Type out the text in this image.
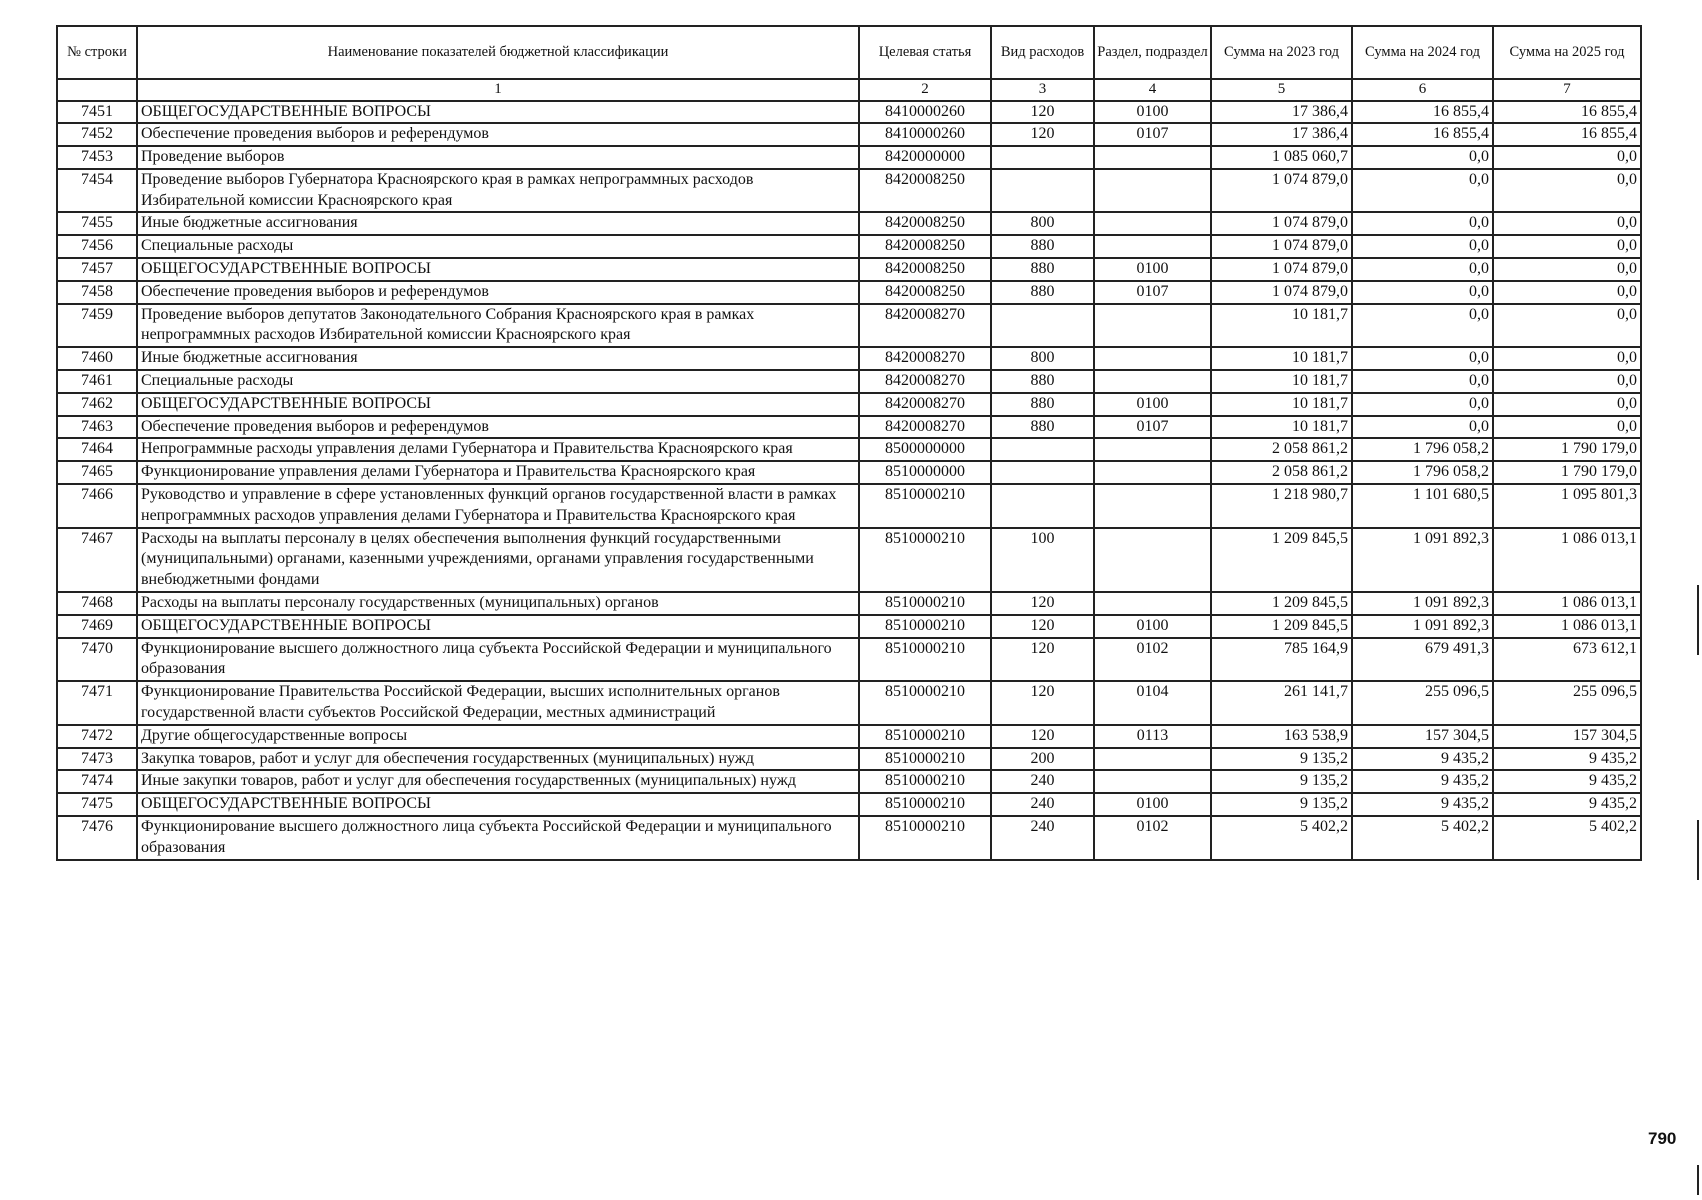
№ строки	Наименование показателей бюджетной классификации	Целевая статья	Вид расходов	Раздел, подраздел	Сумма на 2023 год	Сумма на 2024 год	Сумма на 2025 год
	1	2	3	4	5	6	7
7451	ОБЩЕГОСУДАРСТВЕННЫЕ ВОПРОСЫ	8410000260	120	0100	17 386,4	16 855,4	16 855,4
7452	Обеспечение проведения выборов и референдумов	8410000260	120	0107	17 386,4	16 855,4	16 855,4
7453	Проведение выборов	8420000000			1 085 060,7	0,0	0,0
7454	Проведение выборов Губернатора Красноярского края в рамках непрограммных расходов Избирательной комиссии Красноярского края	8420008250			1 074 879,0	0,0	0,0
7455	Иные бюджетные ассигнования	8420008250	800		1 074 879,0	0,0	0,0
7456	Специальные расходы	8420008250	880		1 074 879,0	0,0	0,0
7457	ОБЩЕГОСУДАРСТВЕННЫЕ ВОПРОСЫ	8420008250	880	0100	1 074 879,0	0,0	0,0
7458	Обеспечение проведения выборов и референдумов	8420008250	880	0107	1 074 879,0	0,0	0,0
7459	Проведение выборов депутатов Законодательного Собрания Красноярского края в рамках непрограммных расходов Избирательной комиссии Красноярского края	8420008270			10 181,7	0,0	0,0
7460	Иные бюджетные ассигнования	8420008270	800		10 181,7	0,0	0,0
7461	Специальные расходы	8420008270	880		10 181,7	0,0	0,0
7462	ОБЩЕГОСУДАРСТВЕННЫЕ ВОПРОСЫ	8420008270	880	0100	10 181,7	0,0	0,0
7463	Обеспечение проведения выборов и референдумов	8420008270	880	0107	10 181,7	0,0	0,0
7464	Непрограммные расходы управления делами Губернатора и Правительства Красноярского края	8500000000			2 058 861,2	1 796 058,2	1 790 179,0
7465	Функционирование управления делами Губернатора и Правительства Красноярского края	8510000000			2 058 861,2	1 796 058,2	1 790 179,0
7466	Руководство и управление в сфере установленных функций органов государственной власти в рамках непрограммных расходов управления делами Губернатора и Правительства Красноярского края	8510000210			1 218 980,7	1 101 680,5	1 095 801,3
7467	Расходы на выплаты персоналу в целях обеспечения выполнения функций государственными (муниципальными) органами, казенными учреждениями, органами управления государственными внебюджетными фондами	8510000210	100		1 209 845,5	1 091 892,3	1 086 013,1
7468	Расходы на выплаты персоналу государственных (муниципальных) органов	8510000210	120		1 209 845,5	1 091 892,3	1 086 013,1
7469	ОБЩЕГОСУДАРСТВЕННЫЕ ВОПРОСЫ	8510000210	120	0100	1 209 845,5	1 091 892,3	1 086 013,1
7470	Функционирование высшего должностного лица субъекта Российской Федерации и муниципального образования	8510000210	120	0102	785 164,9	679 491,3	673 612,1
7471	Функционирование Правительства Российской Федерации, высших исполнительных органов государственной власти субъектов Российской Федерации, местных администраций	8510000210	120	0104	261 141,7	255 096,5	255 096,5
7472	Другие общегосударственные вопросы	8510000210	120	0113	163 538,9	157 304,5	157 304,5
7473	Закупка товаров, работ и услуг для обеспечения государственных (муниципальных) нужд	8510000210	200		9 135,2	9 435,2	9 435,2
7474	Иные закупки товаров, работ и услуг для обеспечения государственных (муниципальных) нужд	8510000210	240		9 135,2	9 435,2	9 435,2
7475	ОБЩЕГОСУДАРСТВЕННЫЕ ВОПРОСЫ	8510000210	240	0100	9 135,2	9 435,2	9 435,2
7476	Функционирование высшего должностного лица субъекта Российской Федерации и муниципального образования	8510000210	240	0102	5 402,2	5 402,2	5 402,2
790
